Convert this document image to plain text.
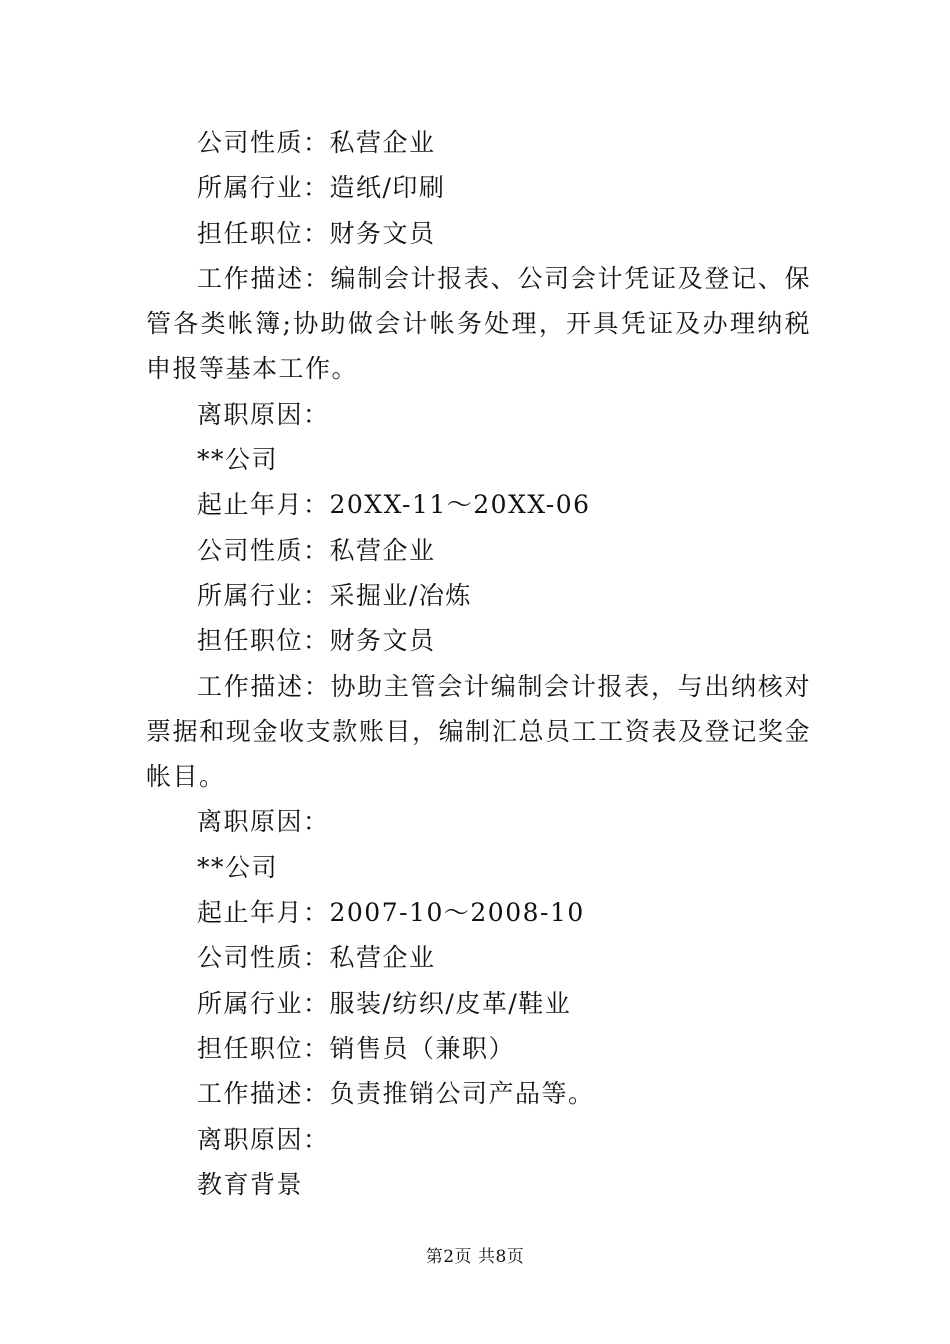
公司性质：私营企业
所属行业：造纸/印刷
担任职位：财务文员
工作描述：编制会计报表、公司会计凭证及登记、保管各类帐簿;协助做会计帐务处理，开具凭证及办理纳税申报等基本工作。
离职原因：
**公司
起止年月：20XX-11～20XX-06
公司性质：私营企业
所属行业：采掘业/冶炼
担任职位：财务文员
工作描述：协助主管会计编制会计报表，与出纳核对票据和现金收支款账目，编制汇总员工工资表及登记奖金帐目。
离职原因：
**公司
起止年月：2007-10～2008-10
公司性质：私营企业
所属行业：服装/纺织/皮革/鞋业
担任职位：销售员（兼职）
工作描述：负责推销公司产品等。
离职原因：
教育背景
第2页 共8页
